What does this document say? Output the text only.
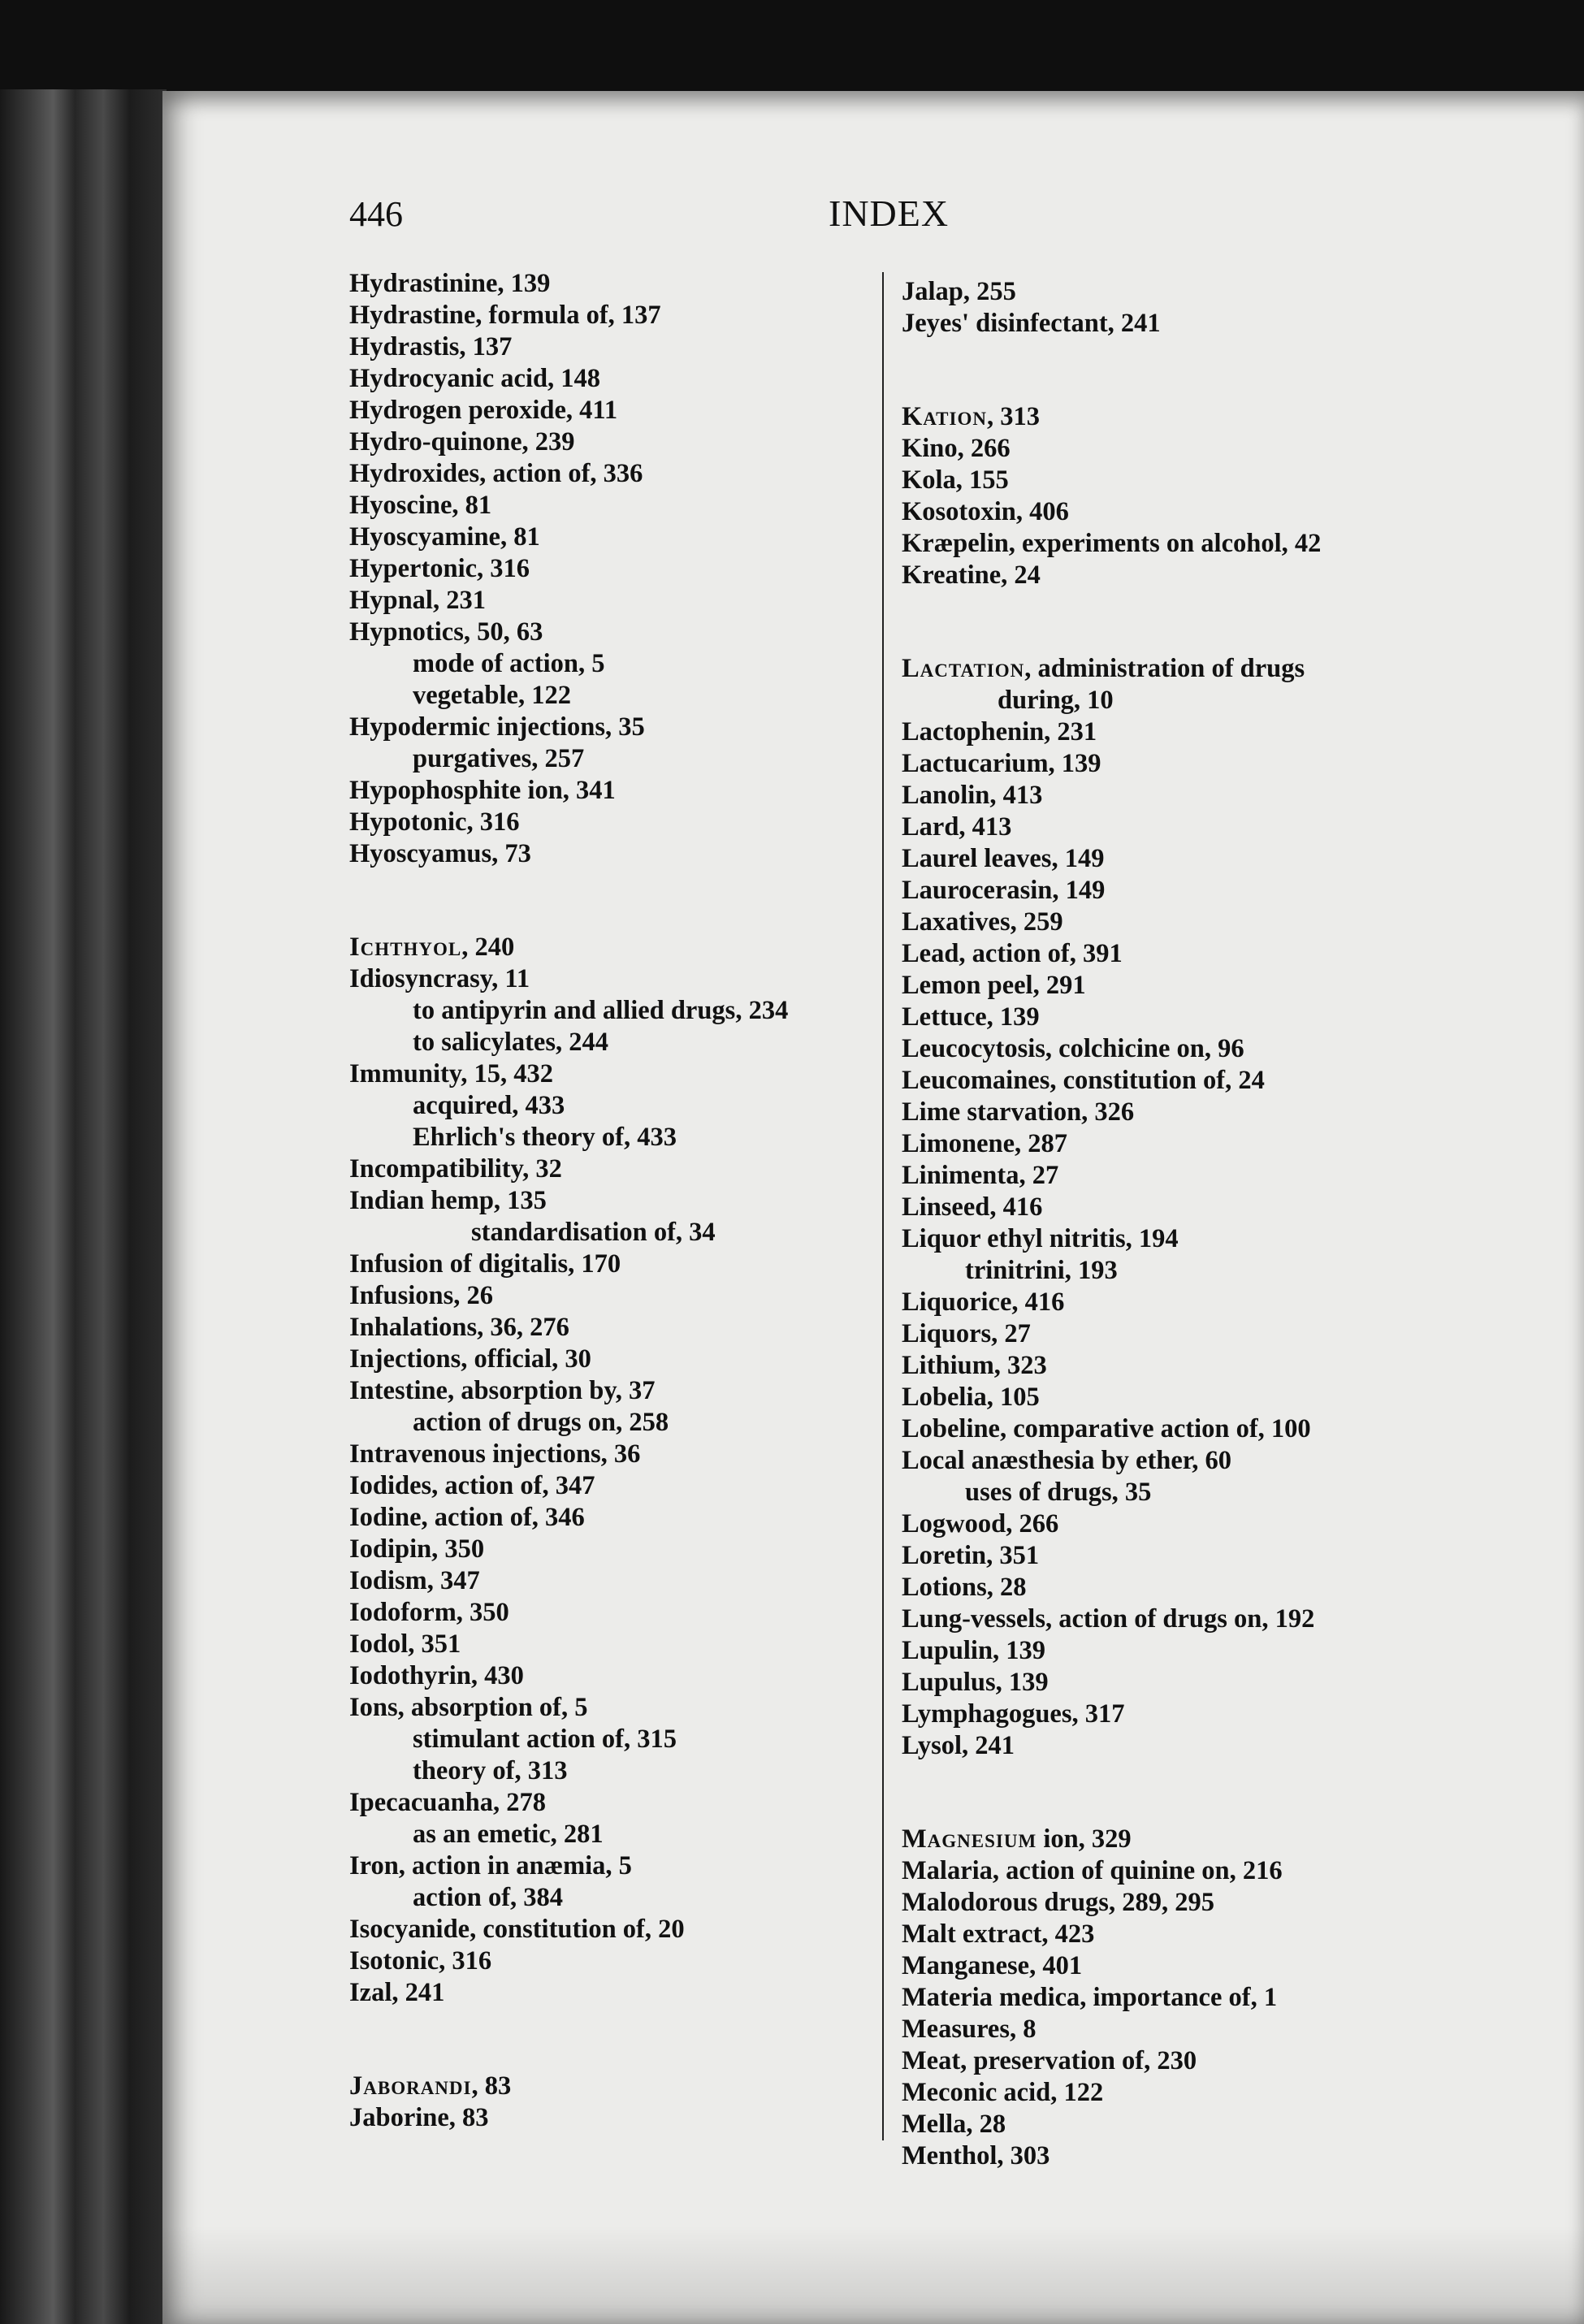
446	INDEX
Hydrastinine, 139
Hydrastine, formula of, 137
Hydrastis, 137
Hydrocyanic acid, 148
Hydrogen peroxide, 411
Hydro-quinone, 239
Hydroxides, action of, 336
Hyoscine, 81
Hyoscyamine, 81
Hypertonic, 316
Hypnal, 231
Hypnotics, 50, 63
mode of action, 5
vegetable, 122
Hypodermic injections, 35
purgatives, 257
Hypophosphite ion, 341
Hypotonic, 316
Hyoscyamus, 73
Ichthyol, 240
Idiosyncrasy, 11
to antipyrin and allied drugs, 234
to salicylates, 244
Immunity, 15, 432
acquired, 433
Ehrlich's theory of, 433
Incompatibility, 32
Indian hemp, 135
standardisation of, 34
Infusion of digitalis, 170
Infusions, 26
Inhalations, 36, 276
Injections, official, 30
Intestine, absorption by, 37
action of drugs on, 258
Intravenous injections, 36
Iodides, action of, 347
Iodine, action of, 346
Iodipin, 350
Iodism, 347
Iodoform, 350
Iodol, 351
Iodothyrin, 430
Ions, absorption of, 5
stimulant action of, 315
theory of, 313
Ipecacuanha, 278
as an emetic, 281
Iron, action in anæmia, 5
action of, 384
Isocyanide, constitution of, 20
Isotonic, 316
Izal, 241
Jaborandi, 83
Jaborine, 83
Jalap, 255
Jeyes' disinfectant, 241
Kation, 313
Kino, 266
Kola, 155
Kosotoxin, 406
Kræpelin, experiments on alcohol, 42
Kreatine, 24
Lactation, administration of drugs
during, 10
Lactophenin, 231
Lactucarium, 139
Lanolin, 413
Lard, 413
Laurel leaves, 149
Laurocerasin, 149
Laxatives, 259
Lead, action of, 391
Lemon peel, 291
Lettuce, 139
Leucocytosis, colchicine on, 96
Leucomaines, constitution of, 24
Lime starvation, 326
Limonene, 287
Linimenta, 27
Linseed, 416
Liquor ethyl nitritis, 194
trinitrini, 193
Liquorice, 416
Liquors, 27
Lithium, 323
Lobelia, 105
Lobeline, comparative action of, 100
Local anæsthesia by ether, 60
uses of drugs, 35
Logwood, 266
Loretin, 351
Lotions, 28
Lung-vessels, action of drugs on, 192
Lupulin, 139
Lupulus, 139
Lymphagogues, 317
Lysol, 241
Magnesium ion, 329
Malaria, action of quinine on, 216
Malodorous drugs, 289, 295
Malt extract, 423
Manganese, 401
Materia medica, importance of, 1
Measures, 8
Meat, preservation of, 230
Meconic acid, 122
Mella, 28
Menthol, 303
